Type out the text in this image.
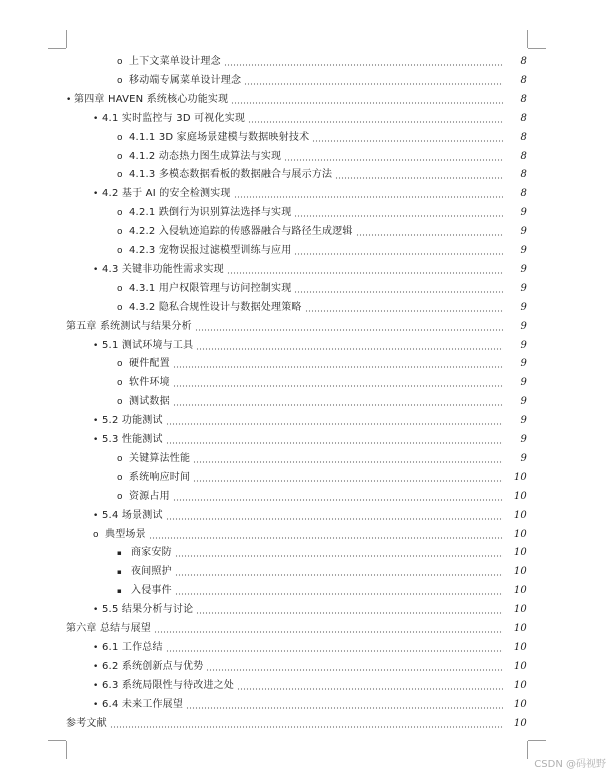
o 上下文菜单设计理念	8
o 移动端专属菜单设计理念	8
• 第四章 HAVEN 系统核心功能实现	8
• 4.1 实时监控与 3D 可视化实现	8
o 4.1.1 3D 家庭场景建模与数据映射技术	8
o 4.1.2 动态热力图生成算法与实现	8
o 4.1.3 多模态数据看板的数据融合与展示方法	8
• 4.2 基于 AI 的安全检测实现	8
o 4.2.1 跌倒行为识别算法选择与实现	9
o 4.2.2 入侵轨迹追踪的传感器融合与路径生成逻辑	9
o 4.2.3 宠物误报过滤模型训练与应用	9
• 4.3 关键非功能性需求实现	9
o 4.3.1 用户权限管理与访问控制实现	9
o 4.3.2 隐私合规性设计与数据处理策略	9
第五章 系统测试与结果分析	9
• 5.1 测试环境与工具	9
o 硬件配置	9
o 软件环境	9
o 测试数据	9
• 5.2 功能测试	9
• 5.3 性能测试	9
o 关键算法性能	9
o 系统响应时间	10
o 资源占用	10
• 5.4 场景测试	10
o 典型场景	10
▪ 商家安防	10
▪ 夜间照护	10
▪ 入侵事件	10
• 5.5 结果分析与讨论	10
第六章 总结与展望	10
• 6.1 工作总结	10
• 6.2 系统创新点与优势	10
• 6.3 系统局限性与待改进之处	10
• 6.4 未来工作展望	10
参考文献	10
CSDN @码视野
